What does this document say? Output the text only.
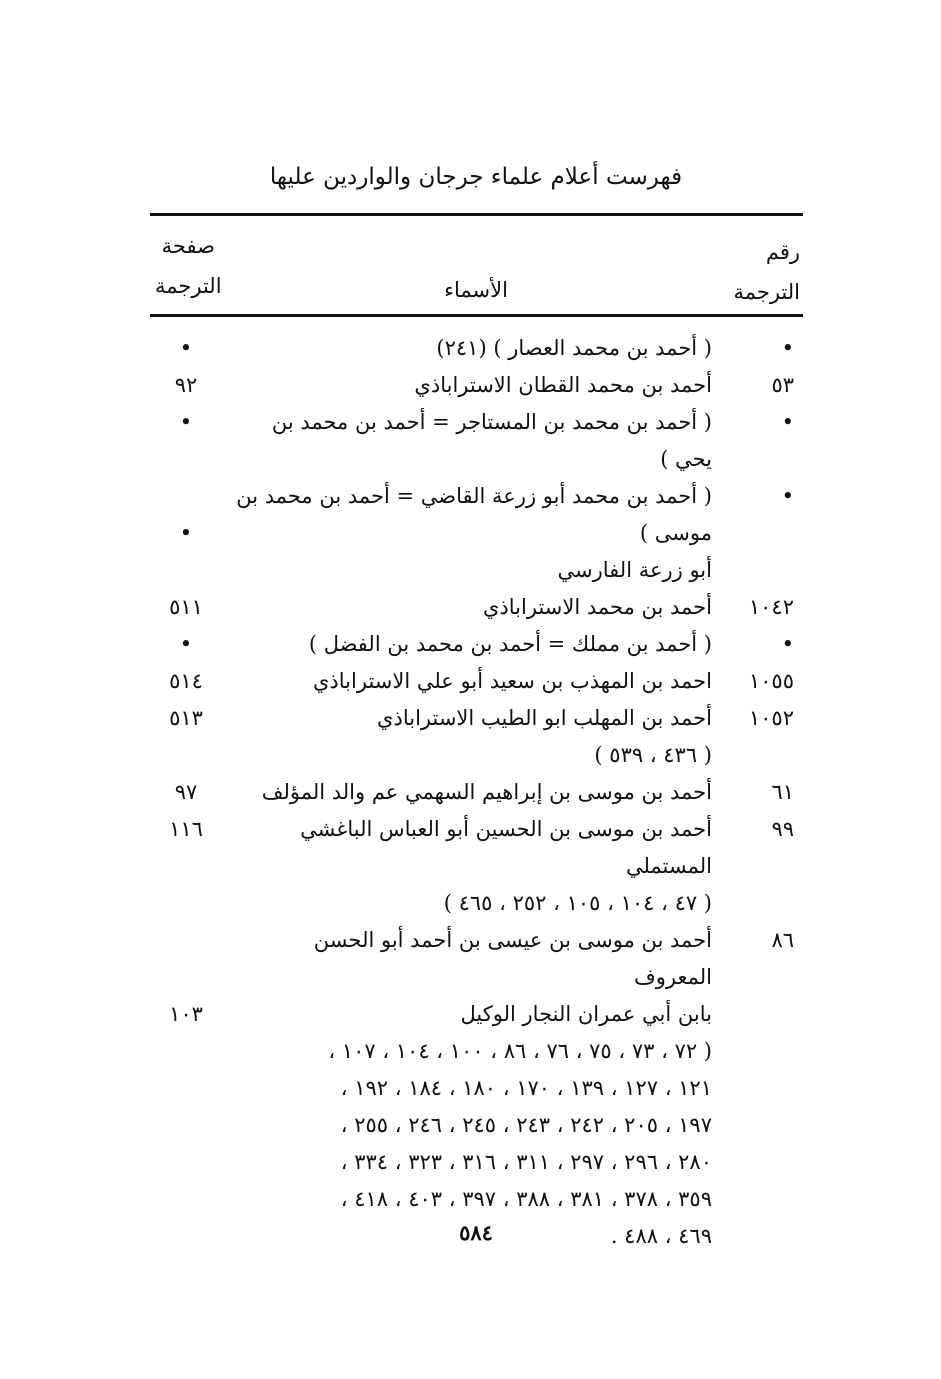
فهرست أعلام علماء جرجان والواردين عليها
رقم
الترجمة
الأسماء
صفحة
الترجمة
•
( أحمد بن محمد العصار ) (٢٤١)
•
٥٣
أحمد بن محمد القطان الاستراباذي
٩٢
•
( أحمد بن محمد بن المستاجر = أحمد بن محمد بن يحي )
•
•
( أحمد بن محمد أبو زرعة القاضي = أحمد بن محمد بن
موسى )
•
أبو زرعة الفارسي
١٠٤٢
أحمد بن محمد الاستراباذي
٥١١
•
( أحمد بن مملك = أحمد بن محمد بن الفضل )
•
١٠٥٥
احمد بن المهذب بن سعيد أبو علي الاستراباذي
٥١٤
١٠٥٢
أحمد بن المهلب ابو الطيب الاستراباذي
٥١٣
( ٤٣٦ ، ٥٣٩ )
٦١
أحمد بن موسى بن إبراهيم السهمي عم والد المؤلف
٩٧
٩٩
أحمد بن موسى بن الحسين أبو العباس الباغشي المستملي
١١٦
( ٤٧ ، ١٠٤ ، ١٠٥ ، ٢٥٢ ، ٤٦٥ )
٨٦
أحمد بن موسى بن عيسى بن أحمد أبو الحسن المعروف
بابن أبي عمران النجار الوكيل
١٠٣
( ٧٢ ، ٧٣ ، ٧٥ ، ٧٦ ، ٨٦ ، ١٠٠ ، ١٠٤ ، ١٠٧ ،
١٢١ ، ١٢٧ ، ١٣٩ ، ١٧٠ ، ١٨٠ ، ١٨٤ ، ١٩٢ ،
١٩٧ ، ٢٠٥ ، ٢٤٢ ، ٢٤٣ ، ٢٤٥ ، ٢٤٦ ، ٢٥٥ ،
٢٨٠ ، ٢٩٦ ، ٢٩٧ ، ٣١١ ، ٣١٦ ، ٣٢٣ ، ٣٣٤ ،
٣٥٩ ، ٣٧٨ ، ٣٨١ ، ٣٨٨ ، ٣٩٧ ، ٤٠٣ ، ٤١٨ ،
٤٦٩ ، ٤٨٨ .
٥٨٤
